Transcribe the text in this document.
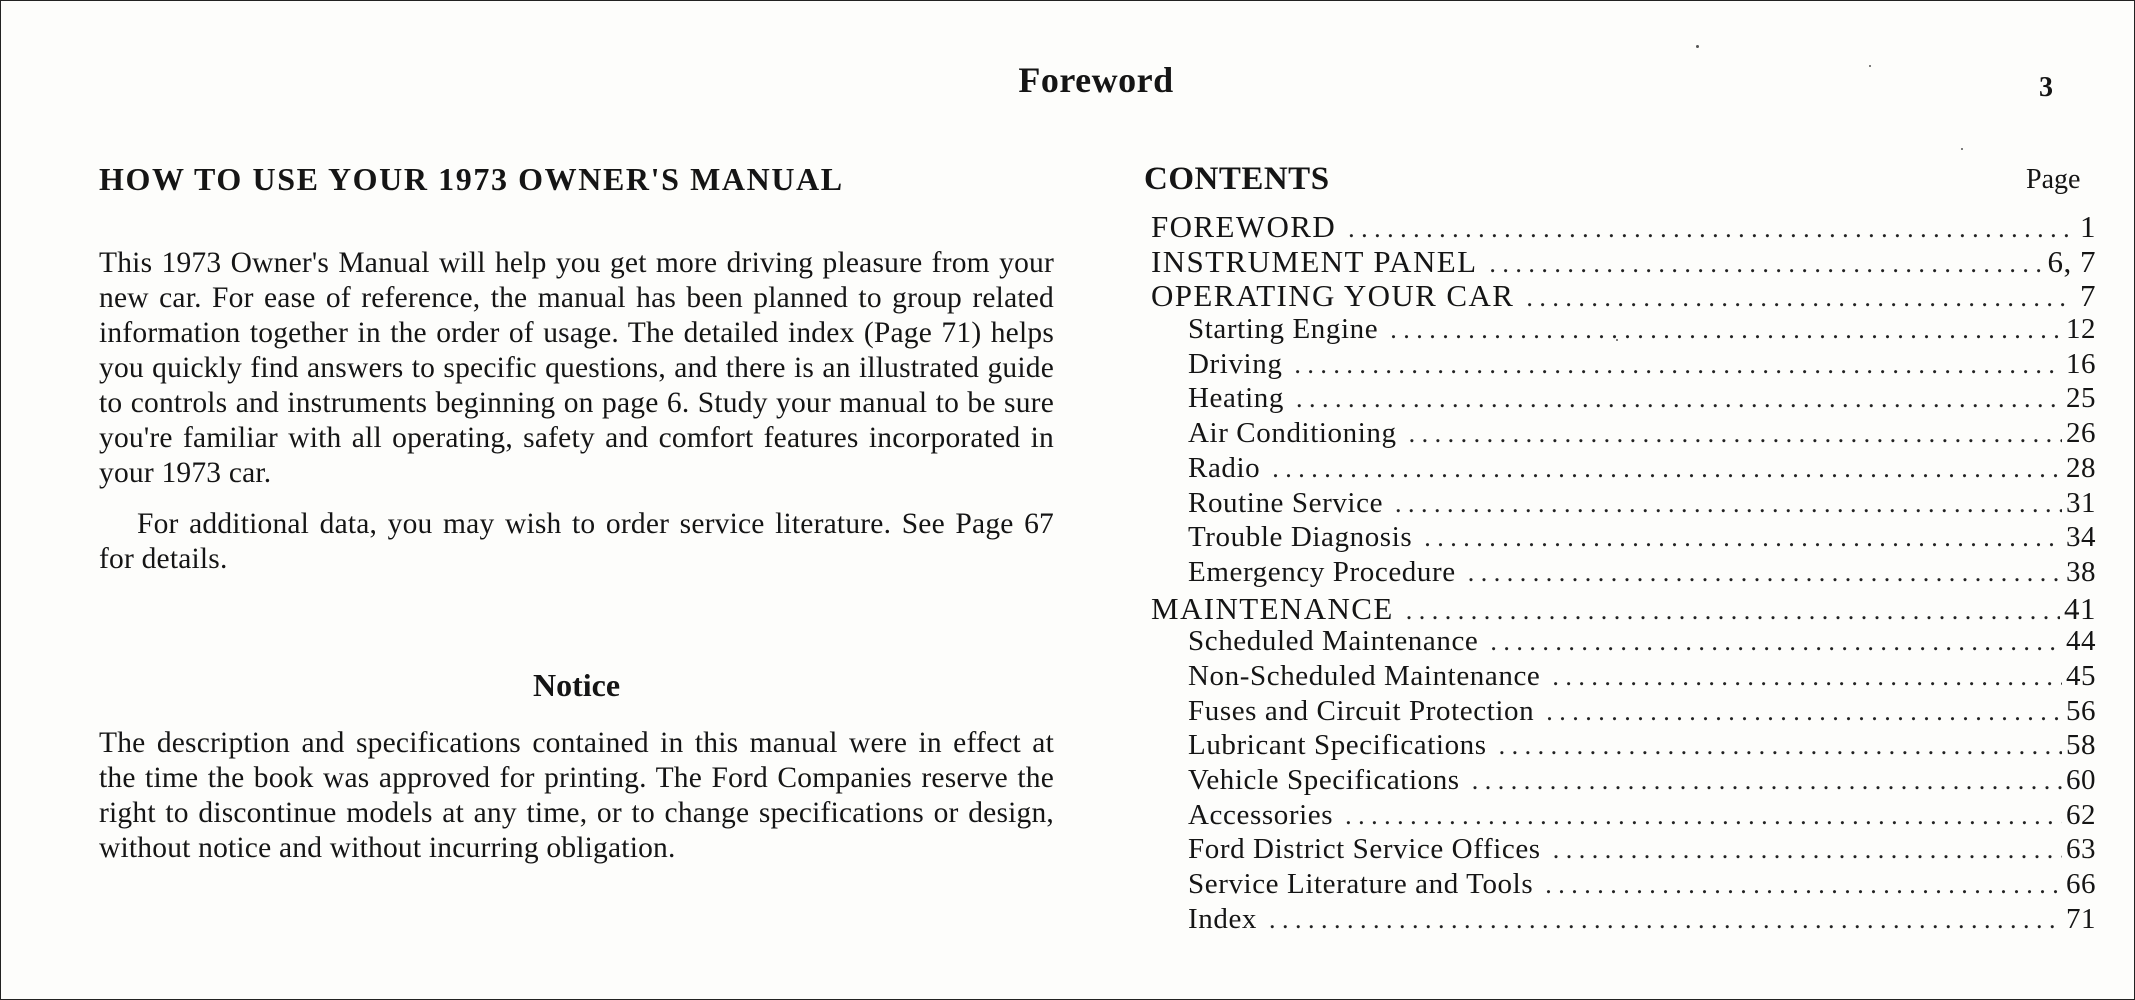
Foreword	3
HOW TO USE YOUR 1973 OWNER'S MANUAL

This 1973 Owner's Manual will help you get more driving pleasure from your new car. For ease of reference, the manual has been planned to group related information together in the order of usage. The detailed index (Page 71) helps you quickly find answers to specific questions, and there is an illustrated guide to controls and instruments beginning on page 6. Study your manual to be sure you're familiar with all operating, safety and comfort features incorporated in your 1973 car.

For additional data, you may wish to order service literature. See Page 67 for details.

Notice
The description and specifications contained in this manual were in effect at the time the book was approved for printing. The Ford Companies reserve the right to discontinue models at any time, or to change specifications or design, without notice and without incurring obligation.
CONTENTS	Page
FOREWORD . . .	1
INSTRUMENT PANEL . . .	6, 7
OPERATING YOUR CAR . . .	7
Starting Engine . . .	12
Driving . . .	16
Heating . . .	25
Air Conditioning . . .	26
Radio . . .	28
Routine Service . . .	31
Trouble Diagnosis . . .	34
Emergency Procedure . . .	38
MAINTENANCE . . .	41
Scheduled Maintenance . . .	44
Non-Scheduled Maintenance . . .	45
Fuses and Circuit Protection . . .	56
Lubricant Specifications . . .	58
Vehicle Specifications . . .	60
Accessories . . .	62
Ford District Service Offices . . .	63
Service Literature and Tools . . .	66
Index . . .	71
